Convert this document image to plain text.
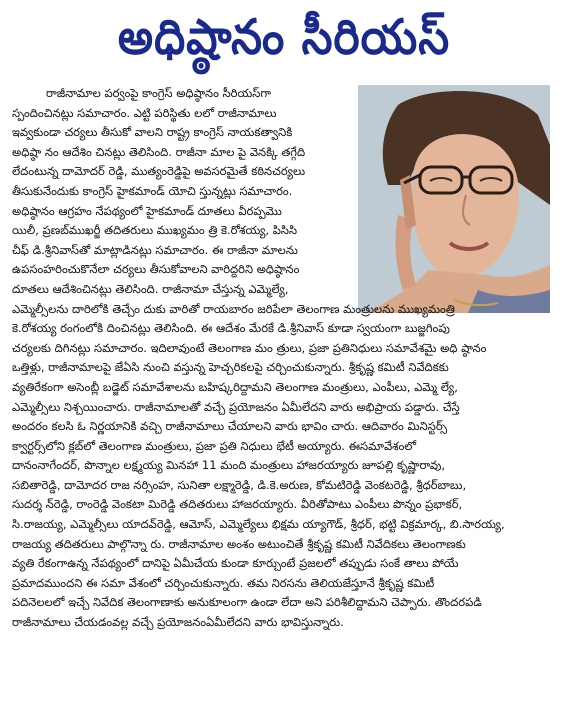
అధిష్ఠానం సీరియస్
రాజీనామాల పర్వంపై కాంగ్రెస్ అధిష్ఠానం సీరియస్‌గా
స్పందించినట్లు సమాచారం. ఎట్టి పరిస్థితు లలో రాజీనామాలు
ఇవ్వకుండా చర్యలు తీసుకో వాలని రాష్ట్ర కాంగ్రెస్ నాయకత్వానికి
అధిష్ఠా నం ఆదేశిం చినట్లు తెలిసింది. రాజీనా మాల పై వెనక్కి తగ్గేది
లేదంటున్న దామోదర్ రెడ్డి, ముత్యంరెడ్డిపై అవసరమైతే కఠినచర్యలు
తీసుకునేందుకు కాంగ్రెస్ హైకమాండ్ యోచి స్తున్నట్లు సమాచారం.
అధిష్ఠానం ఆగ్రహం నేపథ్యంలో హైకమాండ్ దూతలు వీరప్పమొ
యిలీ, ప్రణబ్‌ముఖర్జీ తదితరులు ముఖ్యమం త్రి కె.రోశయ్య, పిసిసి
చీఫ్ డి.శ్రీనివాస్‌తో మాట్లాడినట్లు సమాచారం. ఈ రాజీనా మాలను
ఉపసంహరించుకొనేలా చర్యలు తీసుకోవాలని వారిద్దరిని అధిష్ఠానం
దూతలు ఆదేశించినట్లు తెలిసింది. రాజీనామా చేస్తున్న ఎమ్మెల్యే,
ఎమ్మెల్సీలను దారిలోకి తెచ్చేం దుకు వారితో రాయబారం జరిపేలా తెలంగాణ మంత్రులను ముఖ్యమంత్రి
కె.రోశయ్య రంగంలోకి దించినట్లు తెలిసింది. ఈ ఆదేశం మేరకే డి.శ్రీనివాస్ కూడా స్వయంగా బుజ్జగింపు
చర్యలకు దిగినట్లు సమాచారం. ఇదిలావుంటే తెలంగాణ మం త్రులు, ప్రజా ప్రతినిధులు సమావేశమై అధి ష్ఠానం
ఒత్తిళ్లు, రాజీనామాలపై జేఏసి నుంచి వస్తున్న హెచ్చరికలపై చర్చించుకున్నారు. శ్రీకృష్ణ కమిటీ నివేదికకు
వ్యతిరేకంగా అసెంబ్లీ బడ్జెట్ సమావేశాలను బహిష్కరిద్దామని తెలంగాణ మంత్రులు, ఎంపీలు, ఎమ్మె ల్యే,
ఎమ్మెల్సీలు నిశ్చయించారు. రాజీనామాలతో వచ్చే ప్రయోజనం ఏమీలేదని వారు అభిప్రాయ పడ్డారు. చేస్తే
అందరం కలసి ఓ నిర్ణయానికి వచ్చి రాజీనామాలు చేయాలని వారు భావిం చారు. ఆదివారం మినిస్టర్స్
క్వార్టర్స్‌లోని క్లబ్‌లో తెలంగాణ మంత్రులు, ప్రజా ప్రతి నిధులు భేటీ అయ్యారు. ఈసమావేశంలో
దానంనాగేందర్, పొన్నాల లక్ష్మయ్య మినహా 11 మంది మంత్రులు హాజరయ్యారు జూపల్లి కృష్ణారావు,
సబితారెడ్డి, దామోదర రాజ నర్సింహ, సునితా లక్ష్మారెడ్డి, డి.కె.అరుణ, కోమటిరెడ్డి వెంకటరెడ్డి, శ్రీధర్‌బాబు,
సుదర్శ న్‌రెడ్డి, రాంరెడ్డి వెంకటా మిరెడ్డి తదితరులు హాజరయ్యారు. వీరితోపాటు ఎంపీలు పొన్నం ప్రభాకర్,
సి.రాజయ్య, ఎమ్మెల్సీలు యాదవ్‌రెడ్డి, ఆమోస్, ఎమ్మెల్యేలు భిక్షమ య్యాగౌడ్, శ్రీధర్, భట్టి విక్రమార్క, బి.సారయ్య,
రాజయ్య తదితరులు పాల్గొన్నా రు. రాజీనామాల అంశం అటుంచితే శ్రీకృష్ణ కమిటీ నివేదికలు తెలంగాణకు
వ్యతి రేకంగాఉన్న నేపథ్యంలో దానిపై ఏమీచేయ కుండా కూర్చుంటే ప్రజలలో తప్పుడు సంకే తాలు పోయే
ప్రమాదముందని ఈ సమా వేశంలో చర్చించుకున్నారు. తమ నిరసను తెలియజేస్తూనే శ్రీకృష్ణ కమిటీ
పదినెలలలో ఇచ్చే నివేదిక తెలంగాణాకు అనుకూలంగా ఉండా లేదా అని పరిశీలిద్దామని చెప్పారు. తొందరపడి
రాజీనామాలు చేయడంవల్ల వచ్చే ప్రయోజనంఏమీలేదని వారు భావిస్తున్నారు.
